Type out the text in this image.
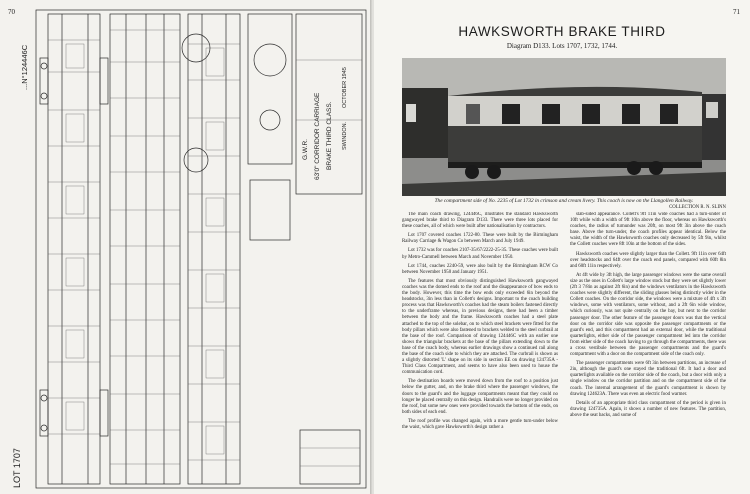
70
...N°124446C
G.W.R. 63'0" CORRIDOR CARRIAGE BRAKE THIRD CLASS. SWINDON.
OCTOBER 1945
LOT 1707
71
HAWKSWORTH BRAKE THIRD
Diagram D133. Lots 1707, 1732, 1744.
The compartment side of No. 2235 of Lot 1732 in crimson and cream livery. This coach is now on the Llangollen Railway.
COLLECTION R. N. SLINN

The main coach drawing, 124446C, illustrates the standard Hawksworth gangwayed brake third to Diagram D133. There were three lots placed for these coaches, all of which were built after nationalisation by contractors.

Lot 1707 covered coaches 1722-80. These were built by the Birmingham Railway Carriage & Wagon Co between March and July 1949.

Lot 1732 was for coaches 2107-35/67/2222-25-35. These coaches were built by Metro-Cammell between March and November 1950.

Lot 1744, coaches 2240-59, were also built by the Birmingham RCW Co between November 1950 and January 1951.

The features that most obviously distinguished Hawksworth gangwayed coaches was the domed ends to the roof and the disappearance of bow ends to the body. However, this time the bow ends only exceeded 6in beyond the headstocks, 3in less than in Collett's designs. Important to the coach building process was that Hawksworth's coaches had the steam boilers fastened directly to the underframe whereas, in previous designs, there had been a timber between the body and the frame. Hawksworth coaches had a steel plate attached to the top of the solebar, on to which steel brackets were fitted for the body pillars which were also fastened to brackets welded to the steel curbrail at the base of the roof. Comparison of drawing 124446C with an earlier one shows the triangular brackets at the base of the pillars extending down to the base of the coach body, whereas earlier drawings show a continued rail along the base of the coach side to which they are attached. The curbrail is shown as a slightly distorted 'L' shape on its side in section EE on drawing 124735A - Third Class Compartment, and seems to have also been used to house the communication cord.

The destination boards were moved down from the roof to a position just below the gutter, and, on the brake third where the passenger windows, the doors to the guard's and the luggage compartments meant that they could no longer be placed centrally on this design. Handrails were no longer provided on the roof, but some new ones were provided towards the bottom of the ends, on both sides of each end.

The roof profile was changed again, with a more gentle turn-under below the waist, which gave Hawksworth's design rather a

slab-sided appearance. Collett's 9ft 11in wide coaches had a turn-under of 10ft while with a width of 9ft 10in above the floor, whereas on Hawksworth's coaches, the radius of turnunder was 20ft, on most 9ft 3in above the coach base. Above the turn-under, the coach profiles appear identical. Below the waist, the width of the Hawksworth coaches only decreased by 5ft 9in, whilst the Collett coaches were 8ft 10in at the bottom of the sides.

Hawksworth coaches were slightly larger than the Collett. 9ft 11in over 64ft over headstocks and 64ft over the coach end panels, compared with 60ft 8in and 60ft 11in respectively.

At 4ft wide by 3ft high, the large passenger windows were the same overall size as the ones in Collett's large window stock but they were set slightly lower (2ft 3 7/8in as against 2ft 6in) and the windows ventilators in the Hawksworth coaches were slightly different, the sliding glasses being distinctly wider in the Collett coaches. On the corridor side, the windows were a mixture of 4ft x 3ft windows, some with ventilators, some without, and a 2ft 6in wide window, which curiously, was not quite centrally on the bay, but next to the corridor passenger door. The other feature of the passenger doors was that the vertical door on the corridor side was opposite the passenger compartments or the guard's end, and this compartment had an external door, while the traditional quarterlights, either side of the passenger compartment led into the corridor from either side of the coach having to go through the compartments, there was a cross vestibule between the passenger compartments and the guard's compartment with a door on the compartment side of the coach only.

The passenger compartments were 6ft 3in between partitions, an increase of 2in, although the guard's one stayed the traditional 6ft. It had a door and quarterlights available on the corridor side of the coach, but a door with only a single window on the corridor partition and on the compartment side of the coach. The internal arrangement of the guard's compartment is shown by drawing 124623A. There was even an electric food warmer.

Details of an appropriate third class compartment of the period is given in drawing 124735A. Again, it shows a number of new features. The partition, above the seat backs, and some of
